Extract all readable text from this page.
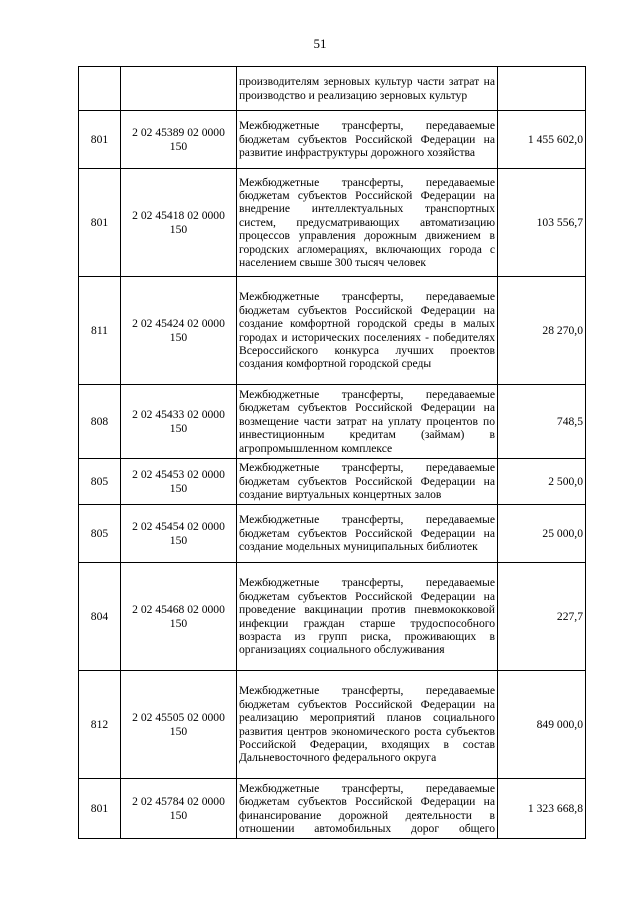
51
		производителям зерновых культур части затрат на производство и реализацию зерновых культур	
801	2 02 45389 02 0000 150	Межбюджетные трансферты, передаваемые бюджетам субъектов Российской Федерации на развитие инфраструктуры дорожного хозяйства	1 455 602,0
801	2 02 45418 02 0000 150	Межбюджетные трансферты, передаваемые бюджетам субъектов Российской Федерации на внедрение интеллектуальных транспортных систем, предусматривающих автоматизацию процессов управления дорожным движением в городских агломерациях, включающих города с населением свыше 300 тысяч человек	103 556,7
811	2 02 45424 02 0000 150	Межбюджетные трансферты, передаваемые бюджетам субъектов Российской Федерации на создание комфортной городской среды в малых городах и исторических поселениях - победителях Всероссийского конкурса лучших проектов создания комфортной городской среды	28 270,0
808	2 02 45433 02 0000 150	Межбюджетные трансферты, передаваемые бюджетам субъектов Российской Федерации на возмещение части затрат на уплату процентов по инвестиционным кредитам (займам) в агропромышленном комплексе	748,5
805	2 02 45453 02 0000 150	Межбюджетные трансферты, передаваемые бюджетам субъектов Российской Федерации на создание виртуальных концертных залов	2 500,0
805	2 02 45454 02 0000 150	Межбюджетные трансферты, передаваемые бюджетам субъектов Российской Федерации на создание модельных муниципальных библиотек	25 000,0
804	2 02 45468 02 0000 150	Межбюджетные трансферты, передаваемые бюджетам субъектов Российской Федерации на проведение вакцинации против пневмококковой инфекции граждан старше трудоспособного возраста из групп риска, проживающих в организациях социального обслуживания	227,7
812	2 02 45505 02 0000 150	Межбюджетные трансферты, передаваемые бюджетам субъектов Российской Федерации на реализацию мероприятий планов социального развития центров экономического роста субъектов Российской Федерации, входящих в состав Дальневосточного федерального округа	849 000,0
801	2 02 45784 02 0000 150	Межбюджетные трансферты, передаваемые бюджетам субъектов Российской Федерации на финансирование дорожной деятельности в отношении автомобильных дорог общего	1 323 668,8
